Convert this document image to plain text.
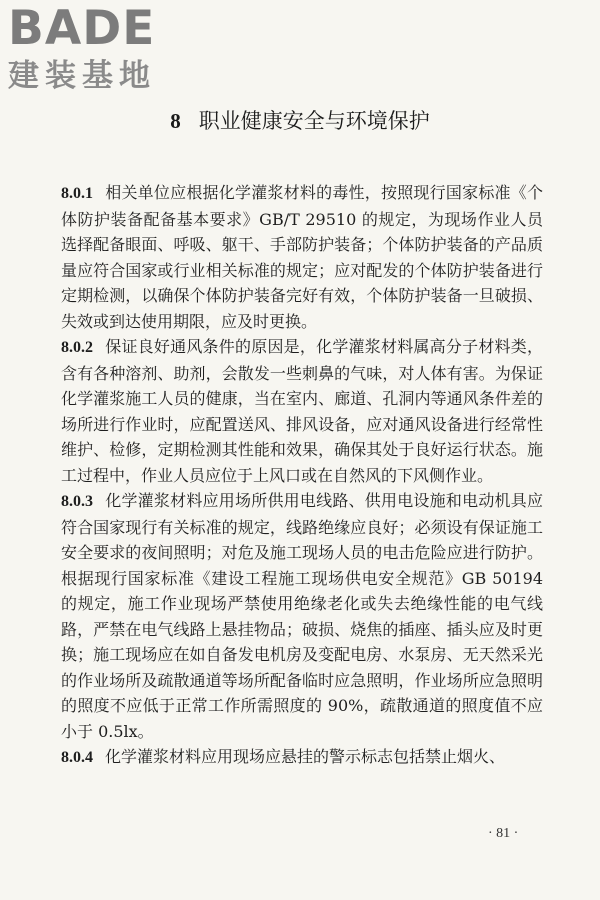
BADE
建装基地
8 职业健康安全与环境保护

8.0.1 相关单位应根据化学灌浆材料的毒性，按照现行国家标准《个体防护装备配备基本要求》GB/T 29510 的规定，为现场作业人员选择配备眼面、呼吸、躯干、手部防护装备；个体防护装备的产品质量应符合国家或行业相关标准的规定；应对配发的个体防护装备进行定期检测，以确保个体防护装备完好有效，个体防护装备一旦破损、失效或到达使用期限，应及时更换。

8.0.2 保证良好通风条件的原因是，化学灌浆材料属高分子材料类，含有各种溶剂、助剂，会散发一些刺鼻的气味，对人体有害。为保证化学灌浆施工人员的健康，当在室内、廊道、孔洞内等通风条件差的场所进行作业时，应配置送风、排风设备，应对通风设备进行经常性维护、检修，定期检测其性能和效果，确保其处于良好运行状态。施工过程中，作业人员应位于上风口或在自然风的下风侧作业。

8.0.3 化学灌浆材料应用场所供用电线路、供用电设施和电动机具应符合国家现行有关标准的规定，线路绝缘应良好；必须设有保证施工安全要求的夜间照明；对危及施工现场人员的电击危险应进行防护。根据现行国家标准《建设工程施工现场供电安全规范》GB 50194 的规定，施工作业现场严禁使用绝缘老化或失去绝缘性能的电气线路，严禁在电气线路上悬挂物品；破损、烧焦的插座、插头应及时更换；施工现场应在如自备发电机房及变配电房、水泵房、无天然采光的作业场所及疏散通道等场所配备临时应急照明，作业场所应急照明的照度不应低于正常工作所需照度的 90%，疏散通道的照度值不应小于 0.5lx。

8.0.4 化学灌浆材料应用现场应悬挂的警示标志包括禁止烟火、

· 81 ·
